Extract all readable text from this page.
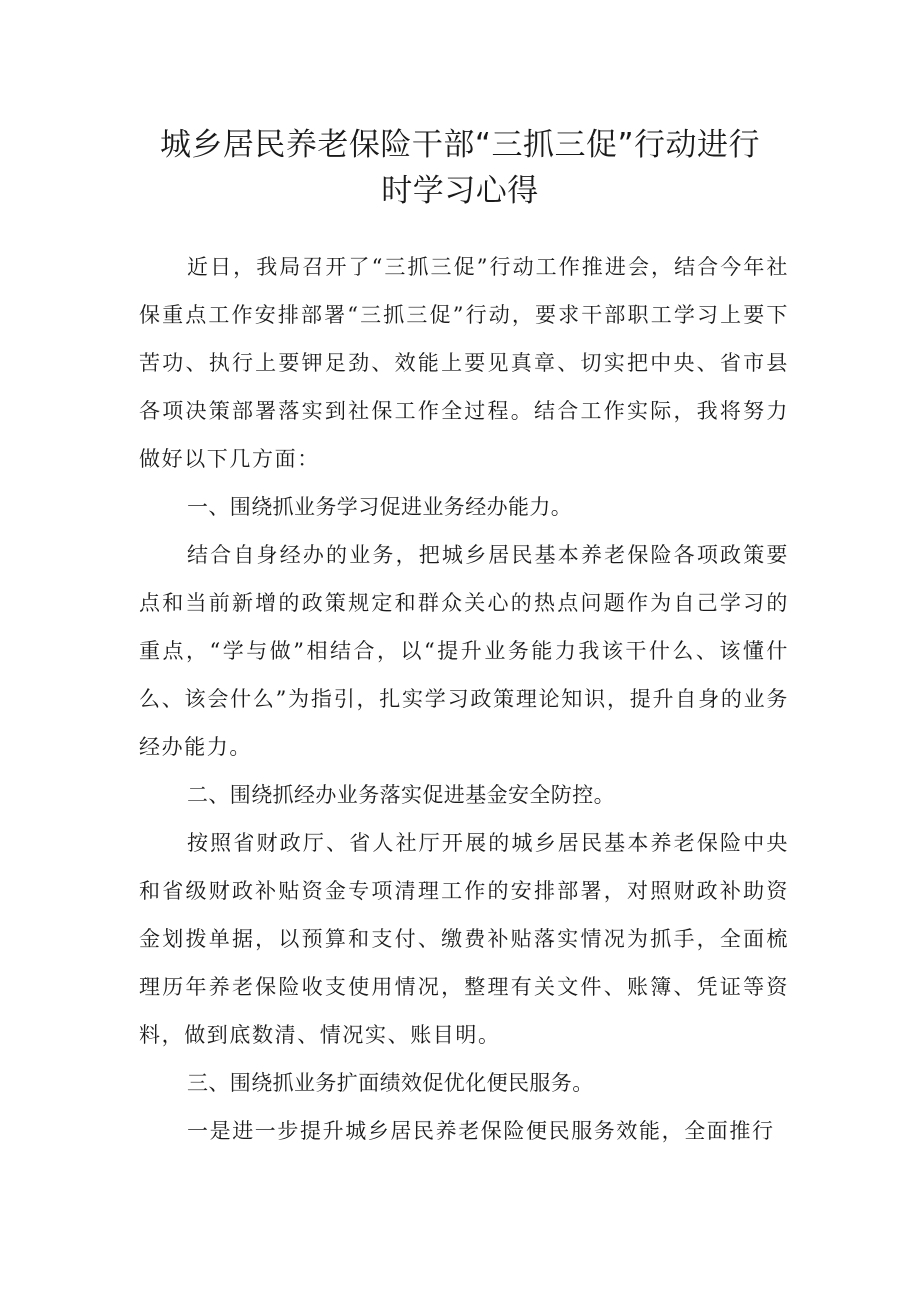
城乡居民养老保险干部“三抓三促”行动进行
时学习心得

近日，我局召开了“三抓三促”行动工作推进会，结合今年社保重点工作安排部署“三抓三促”行动，要求干部职工学习上要下苦功、执行上要钾足劲、效能上要见真章、切实把中央、省市县各项决策部署落实到社保工作全过程。结合工作实际，我将努力做好以下几方面：

一、围绕抓业务学习促进业务经办能力。

结合自身经办的业务，把城乡居民基本养老保险各项政策要点和当前新增的政策规定和群众关心的热点问题作为自己学习的重点，“学与做”相结合，以“提升业务能力我该干什么、该懂什么、该会什么”为指引，扎实学习政策理论知识，提升自身的业务经办能力。

二、围绕抓经办业务落实促进基金安全防控。

按照省财政厅、省人社厅开展的城乡居民基本养老保险中央和省级财政补贴资金专项清理工作的安排部署，对照财政补助资金划拨单据，以预算和支付、缴费补贴落实情况为抓手，全面梳理历年养老保险收支使用情况，整理有关文件、账簿、凭证等资料，做到底数清、情况实、账目明。

三、围绕抓业务扩面绩效促优化便民服务。

一是进一步提升城乡居民养老保险便民服务效能，全面推行
